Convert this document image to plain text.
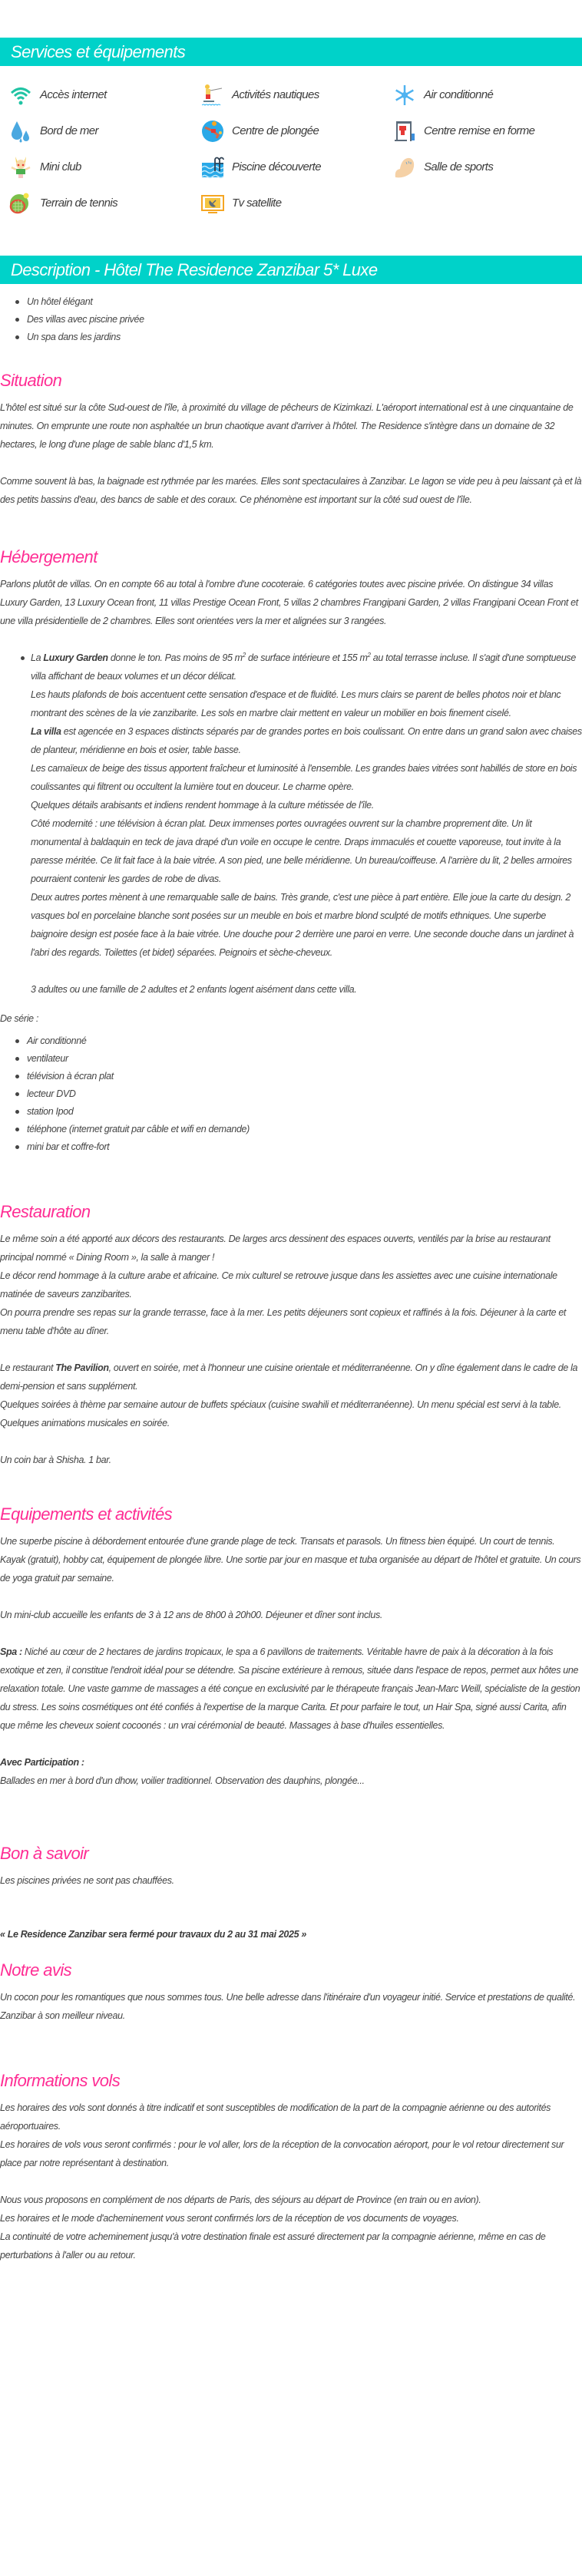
Services et équipements
Accès internet	Activités nautiques	Air conditionné
Bord de mer	Centre de plongée	Centre remise en forme
Mini club	Piscine découverte	Salle de sports
Terrain de tennis	Tv satellite
Description - Hôtel The Residence Zanzibar 5* Luxe
Un hôtel élégant
Des villas avec piscine privée
Un spa dans les jardins
Situation

L'hôtel est situé sur la côte Sud-ouest de l'île, à proximité du village de pêcheurs de Kizimkazi. L'aéroport international est à une cinquantaine de minutes. On emprunte une route non asphaltée un brun chaotique avant d'arriver à l'hôtel. The Residence s'intègre dans un domaine de 32 hectares, le long d'une plage de sable blanc d'1,5 km.

Comme souvent là bas, la baignade est rythmée par les marées. Elles sont spectaculaires à Zanzibar. Le lagon se vide peu à peu laissant çà et là des petits bassins d'eau, des bancs de sable et des coraux. Ce phénomène est important sur la côté sud ouest de l'île.

Hébergement

Parlons plutôt de villas. On en compte 66 au total à l'ombre d'une cocoteraie. 6 catégories toutes avec piscine privée. On distingue 34 villas Luxury Garden, 13 Luxury Ocean front, 11 villas Prestige Ocean Front, 5 villas 2 chambres Frangipani Garden, 2 villas Frangipani Ocean Front et une villa présidentielle de 2 chambres. Elles sont orientées vers la mer et alignées sur 3 rangées.

La Luxury Garden donne le ton. Pas moins de 95 $m^2$ de surface intérieure et 155 $m^2$ au total terrasse incluse. Il s'agit d'une somptueuse villa affichant de beaux volumes et un décor délicat.

Les hauts plafonds de bois accentuent cette sensation d'espace et de fluidité. Les murs clairs se parent de belles photos noir et blanc montrant des scènes de la vie zanzibarite. Les sols en marbre clair mettent en valeur un mobilier en bois finement ciselé.

La villa est agencée en 3 espaces distincts séparés par de grandes portes en bois coulissant. On entre dans un grand salon avec chaises de planteur, méridienne en bois et osier, table basse.

Les camaïeux de beige des tissus apportent fraîcheur et luminosité à l'ensemble. Les grandes baies vitrées sont habillés de store en bois coulissantes qui filtrent ou occultent la lumière tout en douceur. Le charme opère.

Quelques détails arabisants et indiens rendent hommage à la culture métissée de l'île.

Côté modernité : une télévision à écran plat. Deux immenses portes ouvragées ouvrent sur la chambre proprement dite. Un lit monumental à baldaquin en teck de java drapé d'un voile en occupe le centre. Draps immaculés et couette vaporeuse, tout invite à la paresse méritée. Ce lit fait face à la baie vitrée. A son pied, une belle méridienne. Un bureau/coiffeuse. A l'arrière du lit, 2 belles armoires pourraient contenir les gardes de robe de divas.

Deux autres portes mènent à une remarquable salle de bains. Très grande, c'est une pièce à part entière. Elle joue la carte du design. 2 vasques bol en porcelaine blanche sont posées sur un meuble en bois et marbre blond sculpté de motifs ethniques. Une superbe baignoire design est posée face à la baie vitrée. Une douche pour 2 derrière une paroi en verre. Une seconde douche dans un jardinet à l'abri des regards. Toilettes (et bidet) séparées. Peignoirs et sèche-cheveux.

3 adultes ou une famille de 2 adultes et 2 enfants logent aisément dans cette villa.

De série :

Air conditionné
ventilateur
télévision à écran plat
lecteur DVD
station Ipod
téléphone (internet gratuit par câble et wifi en demande)
mini bar et coffre-fort
Restauration

Le même soin a été apporté aux décors des restaurants. De larges arcs dessinent des espaces ouverts, ventilés par la brise au restaurant principal nommé « Dining Room », la salle à manger !

Le décor rend hommage à la culture arabe et africaine. Ce mix culturel se retrouve jusque dans les assiettes avec une cuisine internationale matinée de saveurs zanzibarites.

On pourra prendre ses repas sur la grande terrasse, face à la mer. Les petits déjeuners sont copieux et raffinés à la fois. Déjeuner à la carte et menu table d'hôte au dîner.

Le restaurant The Pavilion, ouvert en soirée, met à l'honneur une cuisine orientale et méditerranéenne. On y dîne également dans le cadre de la demi-pension et sans supplément.

Quelques soirées à thème par semaine autour de buffets spéciaux (cuisine swahili et méditerranéenne). Un menu spécial est servi à la table.

Quelques animations musicales en soirée.

Un coin bar à Shisha. 1 bar.

Equipements et activités

Une superbe piscine à débordement entourée d'une grande plage de teck. Transats et parasols. Un fitness bien équipé. Un court de tennis. Kayak (gratuit), hobby cat, équipement de plongée libre. Une sortie par jour en masque et tuba organisée au départ de l'hôtel et gratuite. Un cours de yoga gratuit par semaine.

Un mini-club accueille les enfants de 3 à 12 ans de 8h00 à 20h00. Déjeuner et dîner sont inclus.

Spa : Niché au cœur de 2 hectares de jardins tropicaux, le spa a 6 pavillons de traitements. Véritable havre de paix à la décoration à la fois exotique et zen, il constitue l'endroit idéal pour se détendre. Sa piscine extérieure à remous, située dans l'espace de repos, permet aux hôtes une relaxation totale. Une vaste gamme de massages a été conçue en exclusivité par le thérapeute français Jean-Marc Weill, spécialiste de la gestion du stress. Les soins cosmétiques ont été confiés à l'expertise de la marque Carita. Et pour parfaire le tout, un Hair Spa, signé aussi Carita, afin que même les cheveux soient cocoonés : un vrai cérémonial de beauté. Massages à base d'huiles essentielles.

Avec Participation :

Ballades en mer à bord d'un dhow, voilier traditionnel. Observation des dauphins, plongée...

Bon à savoir

Les piscines privées ne sont pas chauffées.

« Le Residence Zanzibar sera fermé pour travaux du 2 au 31 mai 2025 »

Notre avis

Un cocon pour les romantiques que nous sommes tous. Une belle adresse dans l'itinéraire d'un voyageur initié. Service et prestations de qualité. Zanzibar à son meilleur niveau.

Informations vols

Les horaires des vols sont donnés à titre indicatif et sont susceptibles de modification de la part de la compagnie aérienne ou des autorités aéroportuaires.

Les horaires de vols vous seront confirmés : pour le vol aller, lors de la réception de la convocation aéroport, pour le vol retour directement sur place par notre représentant à destination.

Nous vous proposons en complément de nos départs de Paris, des séjours au départ de Province (en train ou en avion).

Les horaires et le mode d'acheminement vous seront confirmés lors de la réception de vos documents de voyages.

La continuité de votre acheminement jusqu'à votre destination finale est assuré directement par la compagnie aérienne, même en cas de perturbations à l'aller ou au retour.
